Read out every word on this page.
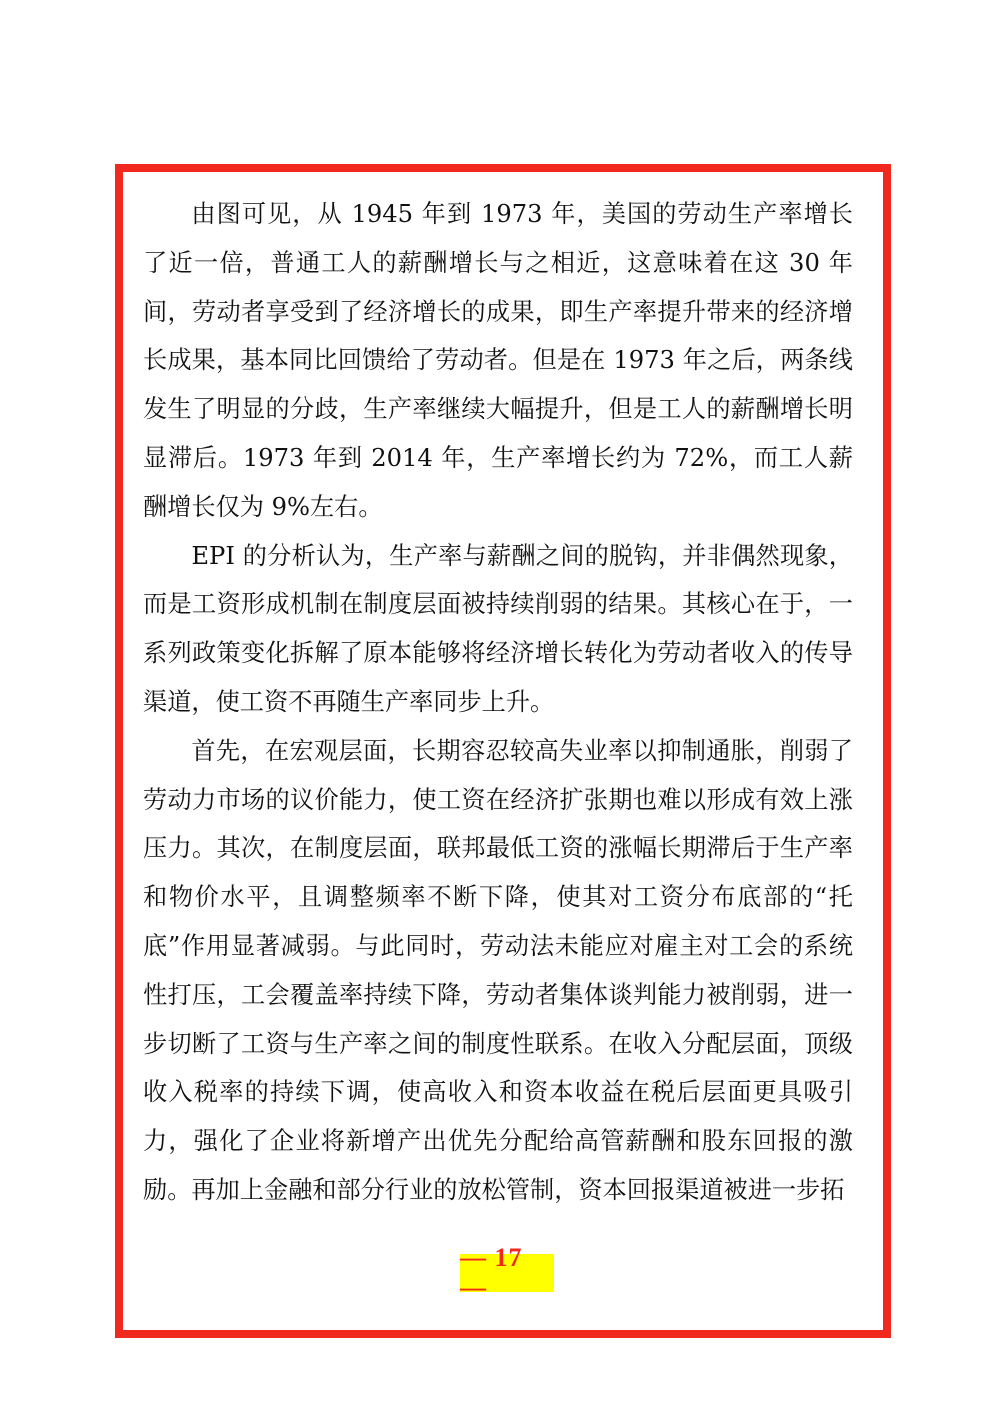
由图可见，从 1945 年到 1973 年，美国的劳动生产率增长了近一倍，普通工人的薪酬增长与之相近，这意味着在这 30 年间，劳动者享受到了经济增长的成果，即生产率提升带来的经济增长成果，基本同比回馈给了劳动者。但是在 1973 年之后，两条线发生了明显的分歧，生产率继续大幅提升，但是工人的薪酬增长明显滞后。1973 年到 2014 年，生产率增长约为 72%，而工人薪酬增长仅为 9%左右。

EPI 的分析认为，生产率与薪酬之间的脱钩，并非偶然现象，而是工资形成机制在制度层面被持续削弱的结果。其核心在于，一系列政策变化拆解了原本能够将经济增长转化为劳动者收入的传导渠道，使工资不再随生产率同步上升。

首先，在宏观层面，长期容忍较高失业率以抑制通胀，削弱了劳动力市场的议价能力，使工资在经济扩张期也难以形成有效上涨压力。其次，在制度层面，联邦最低工资的涨幅长期滞后于生产率和物价水平，且调整频率不断下降，使其对工资分布底部的“托底”作用显著减弱。与此同时，劳动法未能应对雇主对工会的系统性打压，工会覆盖率持续下降，劳动者集体谈判能力被削弱，进一步切断了工资与生产率之间的制度性联系。在收入分配层面，顶级收入税率的持续下调，使高收入和资本收益在税后层面更具吸引力，强化了企业将新增产出优先分配给高管薪酬和股东回报的激励。再加上金融和部分行业的放松管制，资本回报渠道被进一步拓

— 17 —
